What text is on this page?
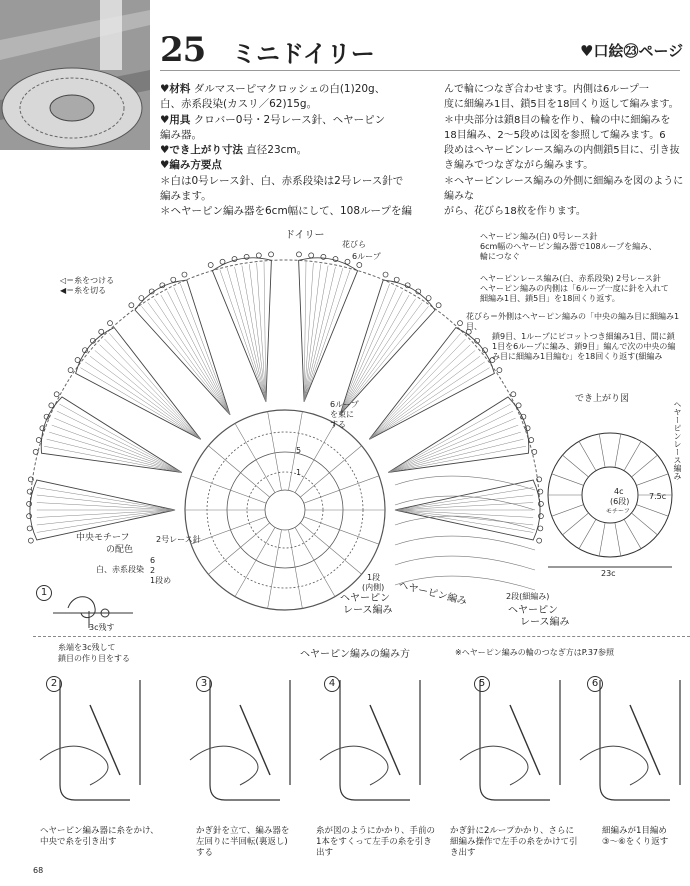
25 ミニドイリー	♥口絵㉓ページ

♥材料 ダルマスーピマクロッシェの白(1)20g、

白、赤系段染(カスリ／62)15g。

♥用具 クロバー0号・2号レース針、ヘヤーピン

編み器。

♥でき上がり寸法 直径23cm。

♥編み方要点

＊白は0号レース針、白、赤系段染は2号レース針で

編みます。

＊ヘヤーピン編み器を6cm幅にして、108ループを編

んで輪につなぎ合わせます。内側は6ループ一

度に細編み1目、鎖5目を18回くり返して編みます。

＊中央部分は鎖8目の輪を作り、輪の中に細編みを

18目編み、2〜5段めは図を参照して編みます。6

段めはヘヤーピンレース編みの内側鎖5目に、引き抜

き編みでつなぎながら編みます。

＊ヘヤーピンレース編みの外側に細編みを図のように編みな

がら、花びら18枚を作ります。

ドイリー
花びら
6ループ
◁＝糸をつける
◀＝糸を切る
6ループ
を束に
する
5
1
中央モチーフ
の配色
2号レース針
白、赤系段染
6
2
1段め	1段
(内側)
ヘヤーピン
レース編み
ヘヤーピン編み	2段(細編み)
ヘヤーピン
レース編み
ヘヤーピン編み(白) 0号レース針
6cm幅のヘヤーピン編み器で108ループを編み、
輪につなぐ
ヘヤーピンレース編み(白、赤系段染) 2号レース針
ヘヤーピン編みの内側は「6ループ一度に針を入れて
細編み1目、鎖5目」を18回くり返す。
花びら＝外側はヘヤーピン編みの「中央の編み目に細編み1目、
鎖9目、1ループにピコットつき細編み1目、間に鎖
1目を6ループに編み、鎖9目」編んで次の中央の編
み目に細編み1目編む」を18回くり返す(細編み
でき上がり図
ヘヤーピンレース編み
4c
(6段)
モチーフ
7.5c
23c
1
3c残す
糸端を3c残して
鎖目の作り目をする	ヘヤーピン編みの編み方	※ヘヤーピン編みの輪のつなぎ方はP.37参照
2	3	4	5	6
ヘヤーピン編み器に糸をかけ、
中央で糸を引き出す
かぎ針を立て、編み器を
左回りに半回転(裏返し)
する
糸が図のようにかかり、手前の
1本をすくって左手の糸を引き
出す
かぎ針に2ループかかり、さらに
細編み操作で左手の糸をかけて引
き出す
細編みが1目編め
③〜⑥をくり返す
68
